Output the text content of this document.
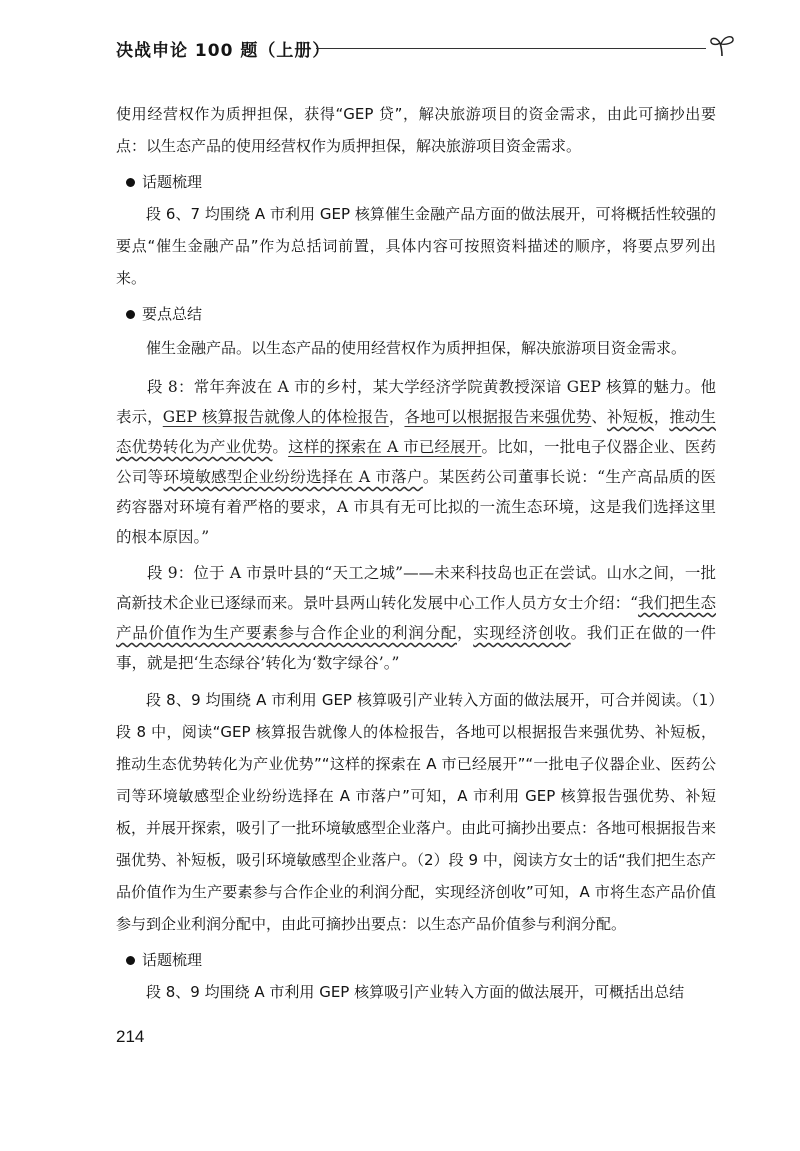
决战申论 100 题（上册）

使用经营权作为质押担保，获得“GEP 贷”，解决旅游项目的资金需求，由此可摘抄出要点：以生态产品的使用经营权作为质押担保，解决旅游项目资金需求。

话题梳理

段 6、7 均围绕 A 市利用 GEP 核算催生金融产品方面的做法展开，可将概括性较强的要点“催生金融产品”作为总括词前置，具体内容可按照资料描述的顺序，将要点罗列出来。

要点总结

催生金融产品。以生态产品的使用经营权作为质押担保，解决旅游项目资金需求。

段 8：常年奔波在 A 市的乡村，某大学经济学院黄教授深谙 GEP 核算的魅力。他表示，GEP 核算报告就像人的体检报告，各地可以根据报告来强优势、补短板，推动生态优势转化为产业优势。这样的探索在 A 市已经展开。比如，一批电子仪器企业、医药公司等环境敏感型企业纷纷选择在 A 市落户。某医药公司董事长说：“生产高品质的医药容器对环境有着严格的要求，A 市具有无可比拟的一流生态环境，这是我们选择这里的根本原因。”

段 9：位于 A 市景叶县的“天工之城”——未来科技岛也正在尝试。山水之间，一批高新技术企业已逐绿而来。景叶县两山转化发展中心工作人员方女士介绍：“我们把生态产品价值作为生产要素参与合作企业的利润分配，实现经济创收。我们正在做的一件事，就是把‘生态绿谷’转化为‘数字绿谷’。”

段 8、9 均围绕 A 市利用 GEP 核算吸引产业转入方面的做法展开，可合并阅读。（1）段 8 中，阅读“GEP 核算报告就像人的体检报告，各地可以根据报告来强优势、补短板，推动生态优势转化为产业优势”“这样的探索在 A 市已经展开”“一批电子仪器企业、医药公司等环境敏感型企业纷纷选择在 A 市落户”可知，A 市利用 GEP 核算报告强优势、补短板，并展开探索，吸引了一批环境敏感型企业落户。由此可摘抄出要点：各地可根据报告来强优势、补短板，吸引环境敏感型企业落户。（2）段 9 中，阅读方女士的话“我们把生态产品价值作为生产要素参与合作企业的利润分配，实现经济创收”可知，A 市将生态产品价值参与到企业利润分配中，由此可摘抄出要点：以生态产品价值参与利润分配。

话题梳理

段 8、9 均围绕 A 市利用 GEP 核算吸引产业转入方面的做法展开，可概括出总结

214
